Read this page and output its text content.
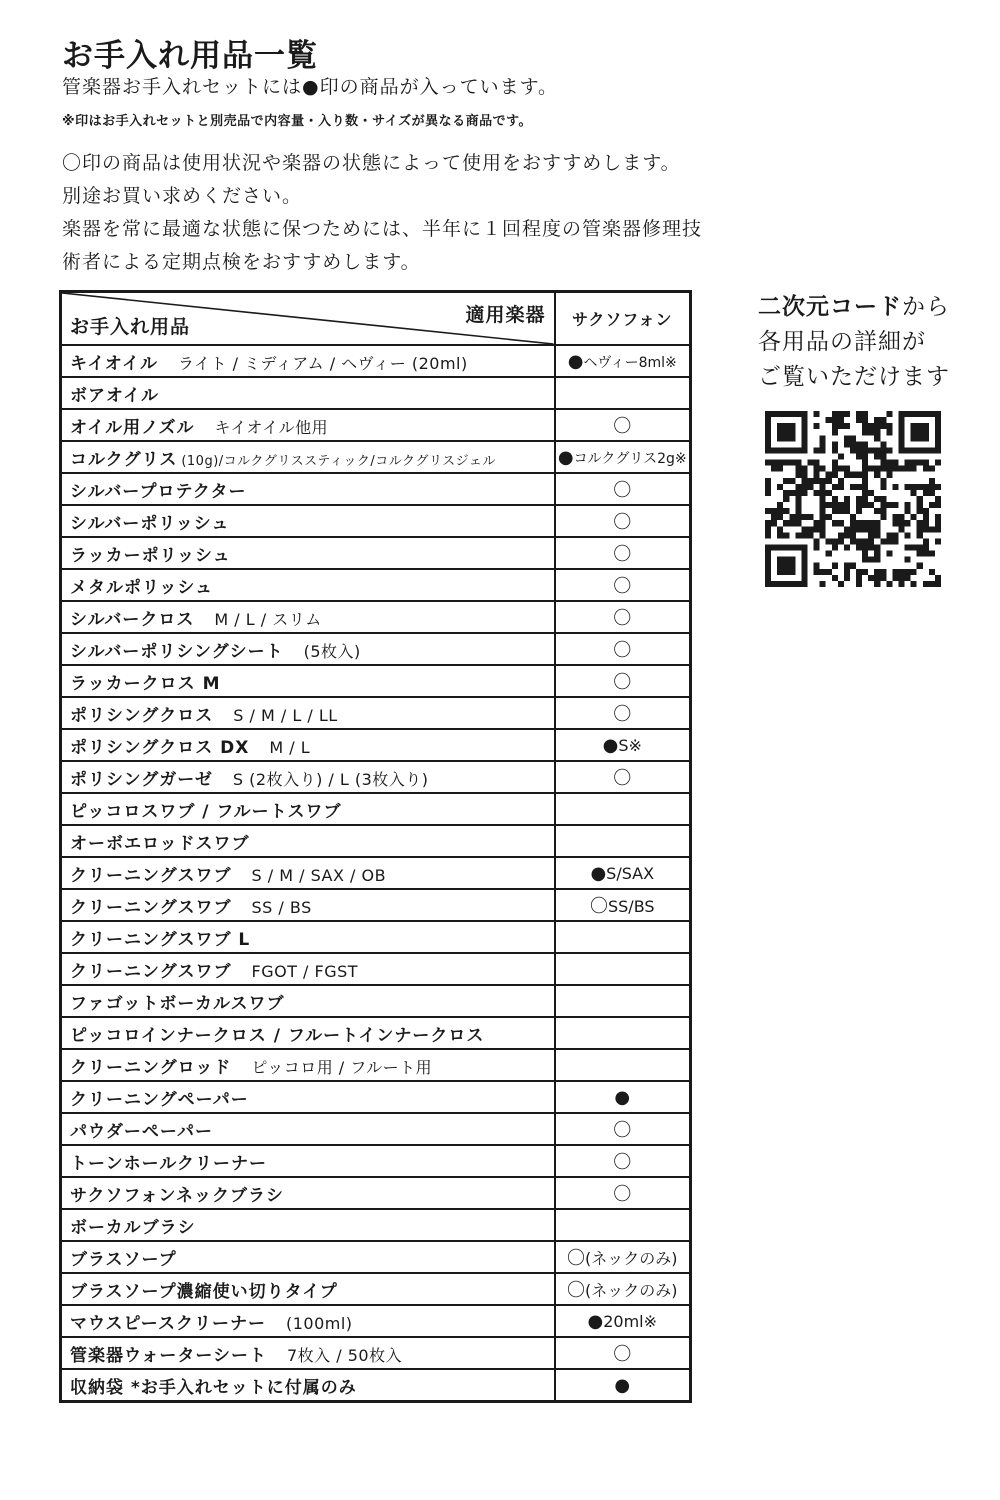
お手入れ用品一覧
管楽器お手入れセットには●印の商品が入っています。
※印はお手入れセットと別売品で内容量・入り数・サイズが異なる商品です。
〇印の商品は使用状況や楽器の状態によって使用をおすすめします。
別途お買い求めください。
楽器を常に最適な状態に保つためには、半年に１回程度の管楽器修理技
術者による定期点検をおすすめします。
適用楽器
お手入れ用品	サクソフォン
キイオイル ライト / ミディアム / ヘヴィー (20ml)	●ヘヴィー8ml※
ボアオイル	
オイル用ノズル キイオイル他用	〇
コルクグリス (10g)/コルクグリススティック/コルクグリスジェル	●コルクグリス2g※
シルバープロテクター	〇
シルバーポリッシュ	〇
ラッカーポリッシュ	〇
メタルポリッシュ	〇
シルバークロス M / L / スリム	〇
シルバーポリシングシート (5枚入)	〇
ラッカークロス M	〇
ポリシングクロス S / M / L / LL	〇
ポリシングクロス DX M / L	●S※
ポリシングガーゼ S (2枚入り) / L (3枚入り)	〇
ピッコロスワブ / フルートスワブ	
オーボエロッドスワブ	
クリーニングスワブ S / M / SAX / OB	●S/SAX
クリーニングスワブ SS / BS	〇SS/BS
クリーニングスワブ L	
クリーニングスワブ FGOT / FGST	
ファゴットボーカルスワブ	
ピッコロインナークロス / フルートインナークロス	
クリーニングロッド ピッコロ用 / フルート用	
クリーニングペーパー	●
パウダーペーパー	〇
トーンホールクリーナー	〇
サクソフォンネックブラシ	〇
ボーカルブラシ	
ブラスソープ	〇(ネックのみ)
ブラスソープ濃縮使い切りタイプ	〇(ネックのみ)
マウスピースクリーナー (100ml)	●20ml※
管楽器ウォーターシート 7枚入 / 50枚入	〇
収納袋 *お手入れセットに付属のみ	●
二次元コードから
各用品の詳細が
ご覧いただけます
